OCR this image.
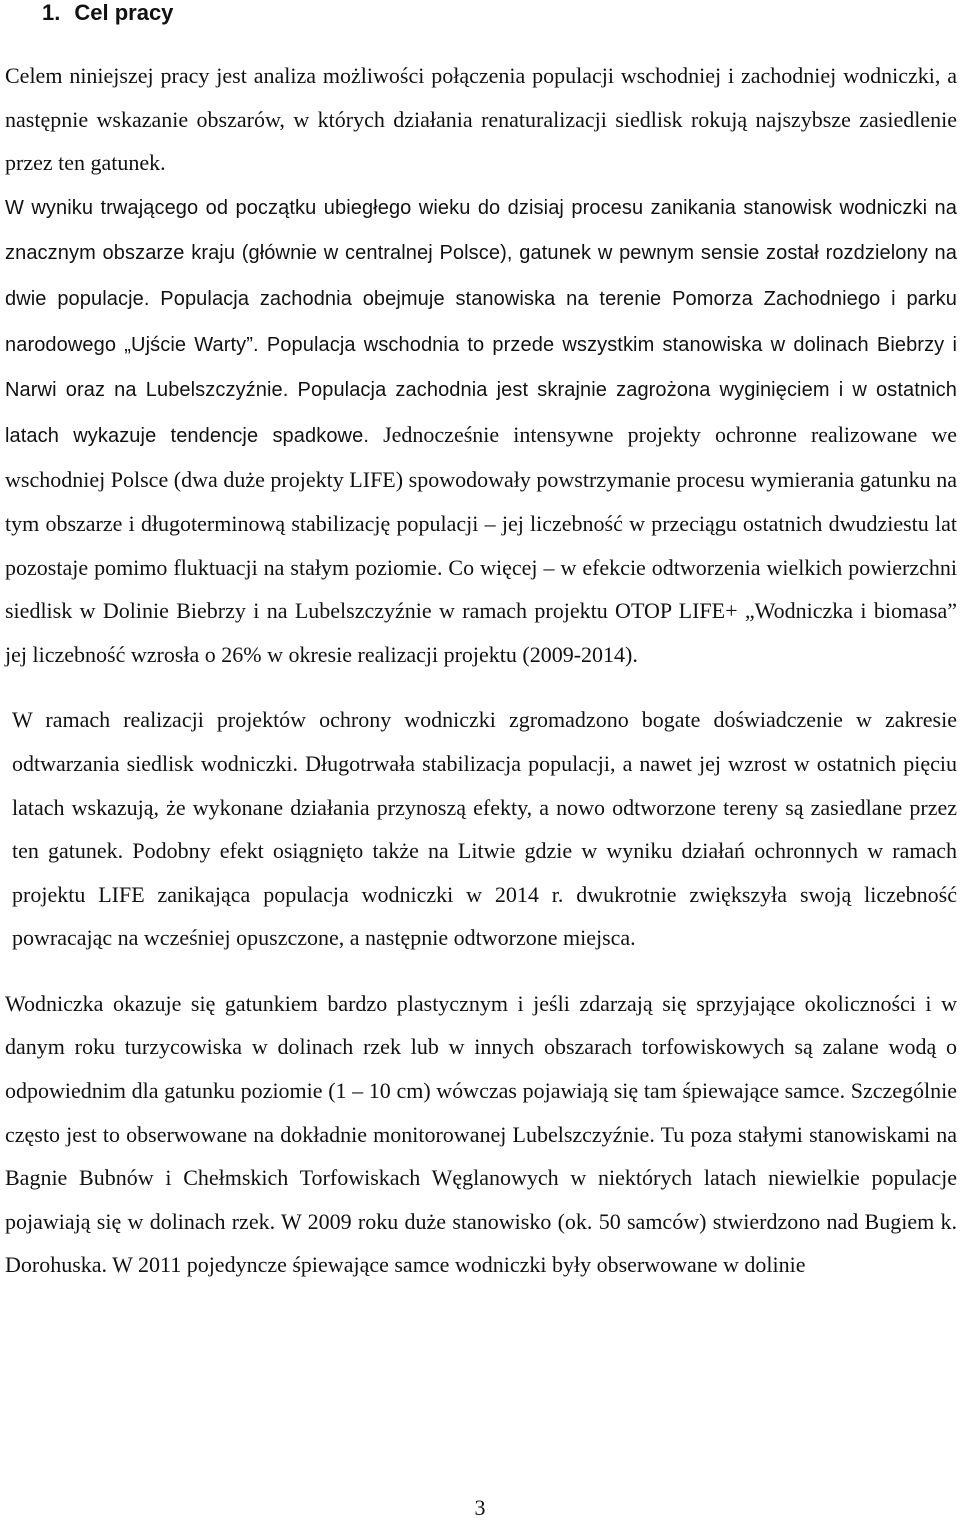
1. Cel pracy

Celem niniejszej pracy jest analiza możliwości połączenia populacji wschodniej i zachodniej wodniczki, a następnie wskazanie obszarów, w których działania renaturalizacji siedlisk rokują najszybsze zasiedlenie przez ten gatunek.

W wyniku trwającego od początku ubiegłego wieku do dzisiaj procesu zanikania stanowisk wodniczki na znacznym obszarze kraju (głównie w centralnej Polsce), gatunek w pewnym sensie został rozdzielony na dwie populacje. Populacja zachodnia obejmuje stanowiska na terenie Pomorza Zachodniego i parku narodowego „Ujście Warty”. Populacja wschodnia to przede wszystkim stanowiska w dolinach Biebrzy i Narwi oraz na Lubelszczyźnie. Populacja zachodnia jest skrajnie zagrożona wyginięciem i w ostatnich latach wykazuje tendencje spadkowe. Jednocześnie intensywne projekty ochronne realizowane we wschodniej Polsce (dwa duże projekty LIFE) spowodowały powstrzymanie procesu wymierania gatunku na tym obszarze i długoterminową stabilizację populacji – jej liczebność w przeciągu ostatnich dwudziestu lat pozostaje pomimo fluktuacji na stałym poziomie. Co więcej – w efekcie odtworzenia wielkich powierzchni siedlisk w Dolinie Biebrzy i na Lubelszczyźnie w ramach projektu OTOP LIFE+ „Wodniczka i biomasa” jej liczebność wzrosła o 26% w okresie realizacji projektu (2009-2014).

W ramach realizacji projektów ochrony wodniczki zgromadzono bogate doświadczenie w zakresie odtwarzania siedlisk wodniczki. Długotrwała stabilizacja populacji, a nawet jej wzrost w ostatnich pięciu latach wskazują, że wykonane działania przynoszą efekty, a nowo odtworzone tereny są zasiedlane przez ten gatunek. Podobny efekt osiągnięto także na Litwie gdzie w wyniku działań ochronnych w ramach projektu LIFE zanikająca populacja wodniczki w 2014 r. dwukrotnie zwiększyła swoją liczebność powracając na wcześniej opuszczone, a następnie odtworzone miejsca.

Wodniczka okazuje się gatunkiem bardzo plastycznym i jeśli zdarzają się sprzyjające okoliczności i w danym roku turzycowiska w dolinach rzek lub w innych obszarach torfowiskowych są zalane wodą o odpowiednim dla gatunku poziomie (1 – 10 cm) wówczas pojawiają się tam śpiewające samce. Szczególnie często jest to obserwowane na dokładnie monitorowanej Lubelszczyźnie. Tu poza stałymi stanowiskami na Bagnie Bubnów i Chełmskich Torfowiskach Węglanowych w niektórych latach niewielkie populacje pojawiają się w dolinach rzek. W 2009 roku duże stanowisko (ok. 50 samców) stwierdzono nad Bugiem k. Dorohuska. W 2011 pojedyncze śpiewające samce wodniczki były obserwowane w dolinie

3
